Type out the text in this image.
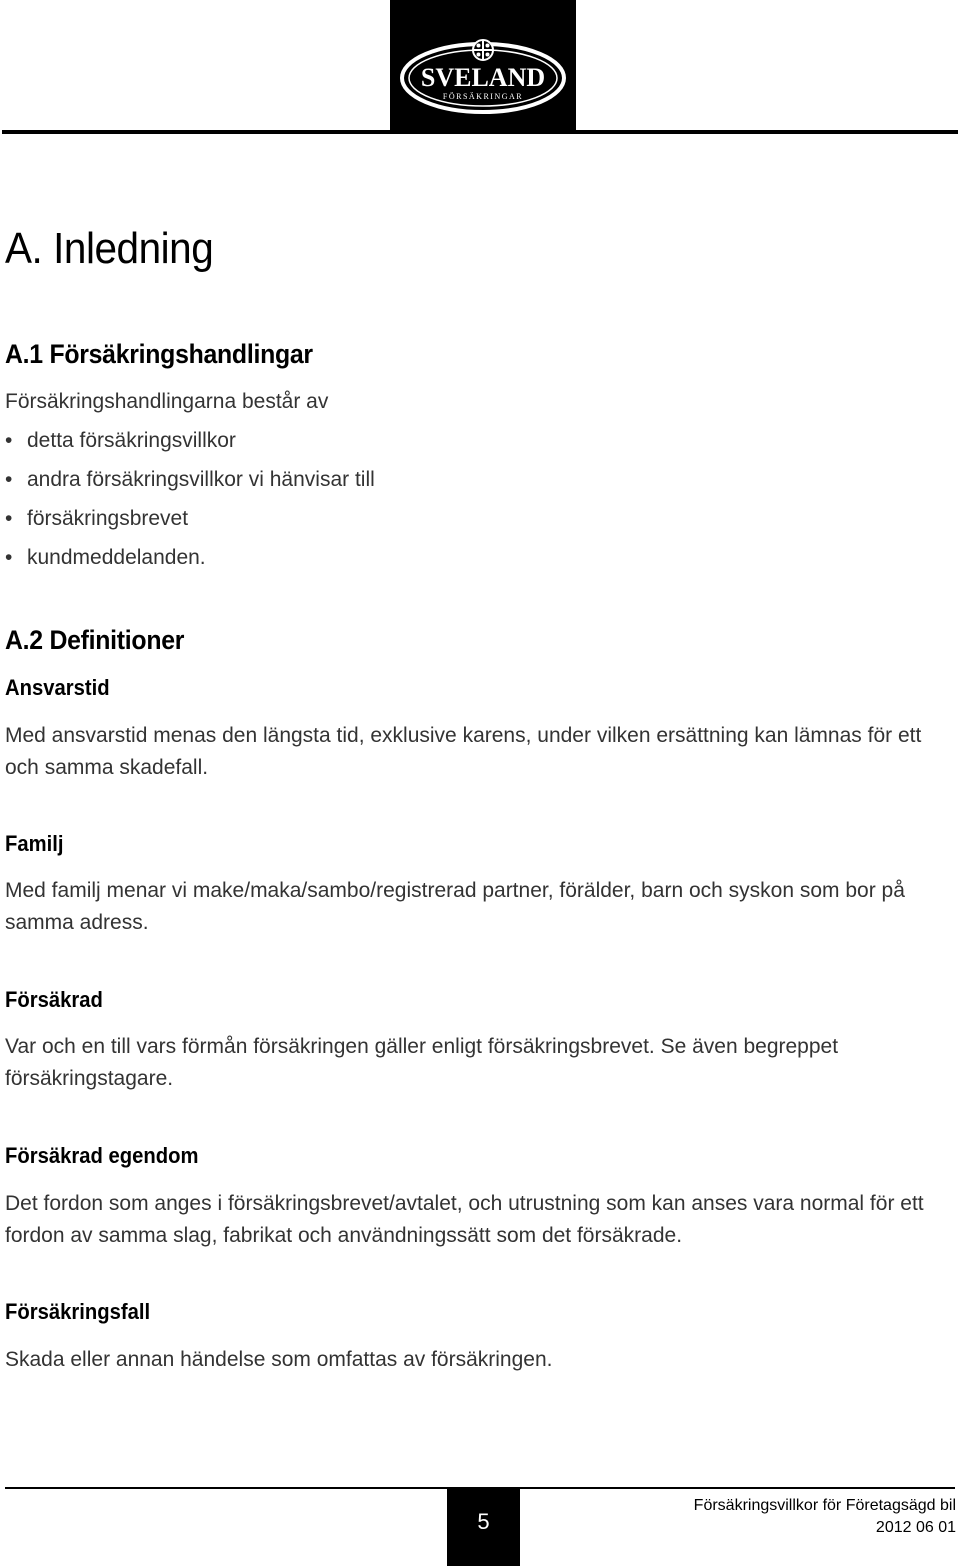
SVELAND
FÖRSÄKRINGAR
A. Inledning
A.1 Försäkringshandlingar
Försäkringshandlingarna består av
• detta försäkringsvillkor
• andra försäkringsvillkor vi hänvisar till
• försäkringsbrevet
• kundmeddelanden.
A.2 Definitioner
Ansvarstid
Med ansvarstid menas den längsta tid, exklusive karens, under vilken ersättning kan lämnas för ett och samma skadefall.
Familj
Med familj menar vi make/maka/sambo/registrerad partner, förälder, barn och syskon som bor på samma adress.
Försäkrad
Var och en till vars förmån försäkringen gäller enligt försäkringsbrevet. Se även begreppet försäkringstagare.
Försäkrad egendom
Det fordon som anges i försäkringsbrevet/avtalet, och utrustning som kan anses vara normal för ett fordon av samma slag, fabrikat och användningssätt som det försäkrade.
Försäkringsfall
Skada eller annan händelse som omfattas av försäkringen.
5
Försäkringsvillkor för Företagsägd bil
2012 06 01
